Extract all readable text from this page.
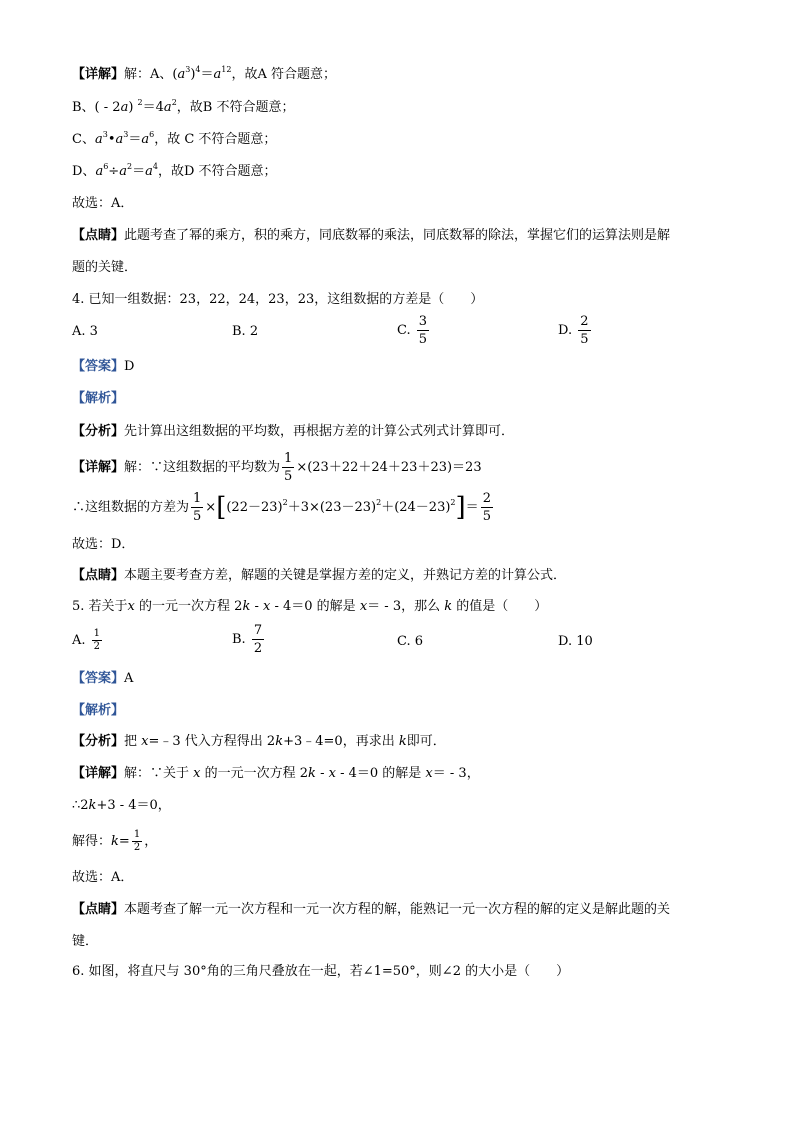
【详解】解：A、$(a^3)^4=a^{12}$，故A 符合题意；
B、( - 2a) $^2=4a^2$，故B 不符合题意；
C、$a^3•a^3=a^6$，故 C 不符合题意；
D、$a^6\div a^2=a^4$，故D 不符合题意；
故选：A．
【点睛】此题考查了幂的乘方，积的乘方，同底数幂的乘法，同底数幂的除法，掌握它们的运算法则是解
题的关键．
4. 已知一组数据：23，22，24，23，23，这组数据的方差是（　　）
A. 3	B. 2	C. $\frac{3}{5}$	D. $\frac{2}{5}$
【答案】D
【解析】
【分析】先计算出这组数据的平均数，再根据方差的计算公式列式计算即可．
【详解】解：∵这组数据的平均数为 $\frac{1}{5} \times(23+22+24+23+23)=23$
∴这组数据的方差为 $\frac{1}{5} \times[(22-23)^2+3\times(23-23)^2+(24-23)^2]= \frac{2}{5}$
故选：D．
【点睛】本题主要考查方差，解题的关键是掌握方差的定义，并熟记方差的计算公式．
5. 若关于x 的一元一次方程 2k - x - 4＝0 的解是 x＝ - 3，那么 k 的值是（　　）
A. $\frac{1}{2}$	B. $\frac{7}{2}$	C. 6	D. 10
【答案】A
【解析】
【分析】把 x=﹣3 代入方程得出 2k+3﹣4=0，再求出 k即可．
【详解】解：∵关于 x 的一元一次方程 2k - x - 4＝0 的解是 x＝ - 3，
∴2k+3 - 4＝0，
解得：$k= \frac{1}{2}$ ，
故选：A．
【点睛】本题考查了解一元一次方程和一元一次方程的解，能熟记一元一次方程的解的定义是解此题的关
键．
6. 如图，将直尺与 30°角的三角尺叠放在一起，若∠1=50°，则∠2 的大小是（　　）
